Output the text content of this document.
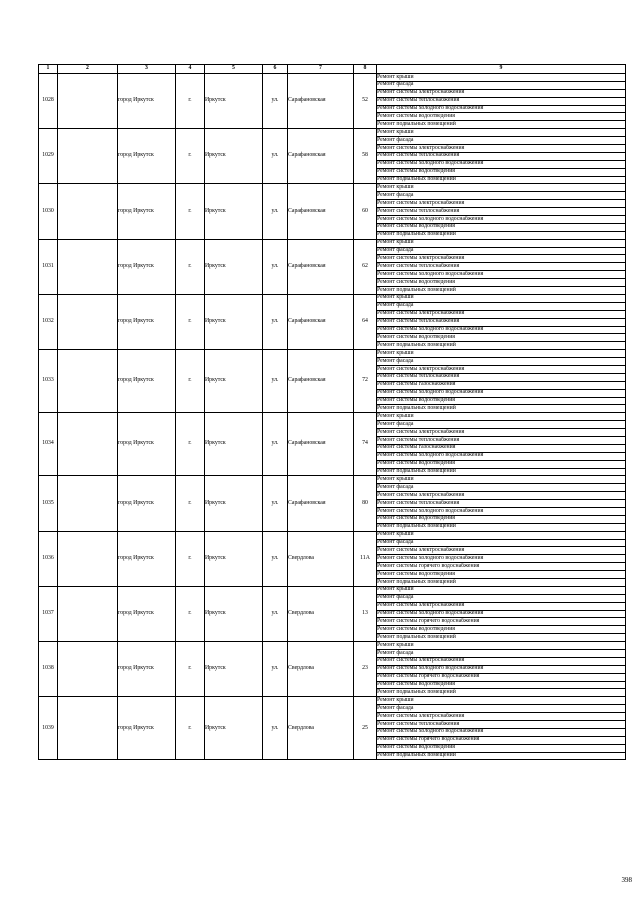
1	2	3	4	5	6	7	8	9
1028		город Иркутск	г.	Иркутск	ул.	Сарафановская	52	Ремонт крыши
								Ремонт фасада
								Ремонт системы электроснабжения
								Ремонт системы теплоснабжения
								Ремонт системы холодного водоснабжения
								Ремонт системы водоотведения
								Ремонт подвальных помещений
1029		город Иркутск	г.	Иркутск	ул.	Сарафановская	58	Ремонт крыши
								Ремонт фасада
								Ремонт системы электроснабжения
								Ремонт системы теплоснабжения
								Ремонт системы холодного водоснабжения
								Ремонт системы водоотведения
								Ремонт подвальных помещений
1030		город Иркутск	г.	Иркутск	ул.	Сарафановская	60	Ремонт крыши
								Ремонт фасада
								Ремонт системы электроснабжения
								Ремонт системы теплоснабжения
								Ремонт системы холодного водоснабжения
								Ремонт системы водоотведения
								Ремонт подвальных помещений
1031		город Иркутск	г.	Иркутск	ул.	Сарафановская	62	Ремонт крыши
								Ремонт фасада
								Ремонт системы электроснабжения
								Ремонт системы теплоснабжения
								Ремонт системы холодного водоснабжения
								Ремонт системы водоотведения
								Ремонт подвальных помещений
1032		город Иркутск	г.	Иркутск	ул.	Сарафановская	64	Ремонт крыши
								Ремонт фасада
								Ремонт системы электроснабжения
								Ремонт системы теплоснабжения
								Ремонт системы холодного водоснабжения
								Ремонт системы водоотведения
								Ремонт подвальных помещений
1033		город Иркутск	г.	Иркутск	ул.	Сарафановская	72	Ремонт крыши
								Ремонт фасада
								Ремонт системы электроснабжения
								Ремонт системы теплоснабжения
								Ремонт системы газоснабжения
								Ремонт системы холодного водоснабжения
								Ремонт системы водоотведения
								Ремонт подвальных помещений
1034		город Иркутск	г.	Иркутск	ул.	Сарафановская	74	Ремонт крыши
								Ремонт фасада
								Ремонт системы электроснабжения
								Ремонт системы теплоснабжения
								Ремонт системы газоснабжения
								Ремонт системы холодного водоснабжения
								Ремонт системы водоотведения
								Ремонт подвальных помещений
1035		город Иркутск	г.	Иркутск	ул.	Сарафановская	80	Ремонт крыши
								Ремонт фасада
								Ремонт системы электроснабжения
								Ремонт системы теплоснабжения
								Ремонт системы холодного водоснабжения
								Ремонт системы водоотведения
								Ремонт подвальных помещений
1036		город Иркутск	г.	Иркутск	ул.	Свердлова	11А	Ремонт крыши
								Ремонт фасада
								Ремонт системы электроснабжения
								Ремонт системы холодного водоснабжения
								Ремонт системы горячего водоснабжения
								Ремонт системы водоотведения
								Ремонт подвальных помещений
1037		город Иркутск	г.	Иркутск	ул.	Свердлова	13	Ремонт крыши
								Ремонт фасада
								Ремонт системы электроснабжения
								Ремонт системы холодного водоснабжения
								Ремонт системы горячего водоснабжения
								Ремонт системы водоотведения
								Ремонт подвальных помещений
1038		город Иркутск	г.	Иркутск	ул.	Свердлова	23	Ремонт крыши
								Ремонт фасада
								Ремонт системы электроснабжения
								Ремонт системы холодного водоснабжения
								Ремонт системы горячего водоснабжения
								Ремонт системы водоотведения
								Ремонт подвальных помещений
1039		город Иркутск	г.	Иркутск	ул.	Свердлова	25	Ремонт крыши
								Ремонт фасада
								Ремонт системы электроснабжения
								Ремонт системы теплоснабжения
								Ремонт системы холодного водоснабжения
								Ремонт системы горячего водоснабжения
								Ремонт системы водоотведения
								Ремонт подвальных помещений
398
